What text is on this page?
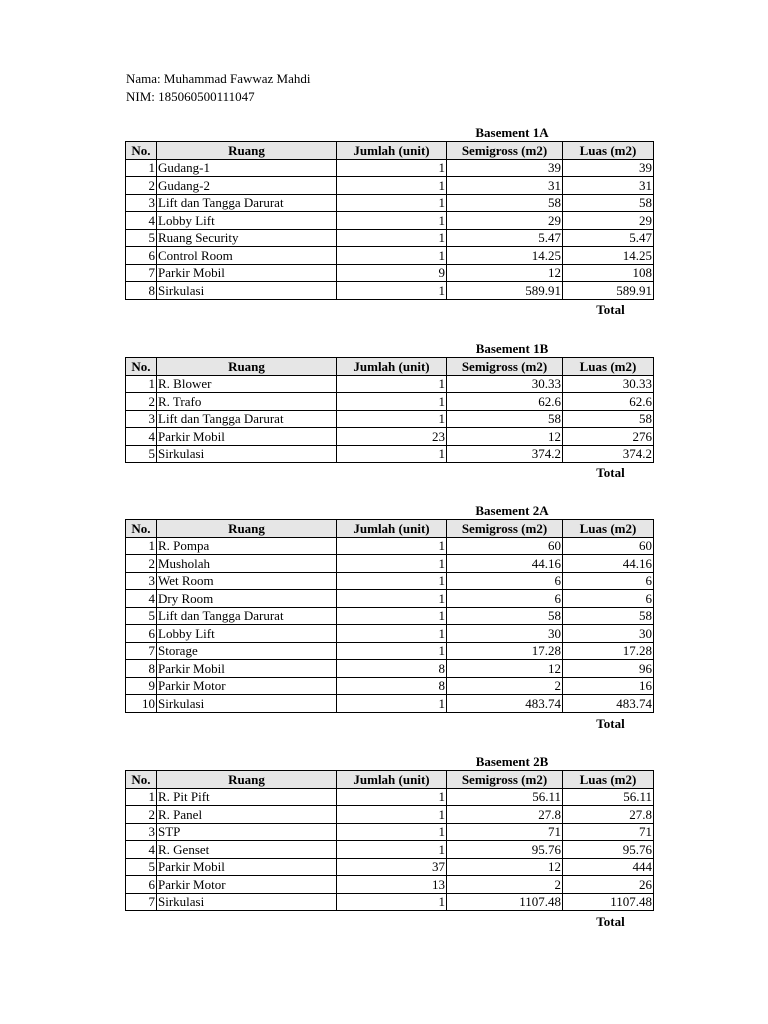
Nama: Muhammad Fawwaz Mahdi
NIM: 185060500111047
Basement 1A
No.	Ruang	Jumlah (unit)	Semigross (m2)	Luas (m2)
1	Gudang-1	1	39	39
2	Gudang-2	1	31	31
3	Lift dan Tangga Darurat	1	58	58
4	Lobby Lift	1	29	29
5	Ruang Security	1	5.47	5.47
6	Control Room	1	14.25	14.25
7	Parkir Mobil	9	12	108
8	Sirkulasi	1	589.91	589.91
Total
Basement 1B
No.	Ruang	Jumlah (unit)	Semigross (m2)	Luas (m2)
1	R. Blower	1	30.33	30.33
2	R. Trafo	1	62.6	62.6
3	Lift dan Tangga Darurat	1	58	58
4	Parkir Mobil	23	12	276
5	Sirkulasi	1	374.2	374.2
Total
Basement 2A
No.	Ruang	Jumlah (unit)	Semigross (m2)	Luas (m2)
1	R. Pompa	1	60	60
2	Musholah	1	44.16	44.16
3	Wet Room	1	6	6
4	Dry Room	1	6	6
5	Lift dan Tangga Darurat	1	58	58
6	Lobby Lift	1	30	30
7	Storage	1	17.28	17.28
8	Parkir Mobil	8	12	96
9	Parkir Motor	8	2	16
10	Sirkulasi	1	483.74	483.74
Total
Basement 2B
No.	Ruang	Jumlah (unit)	Semigross (m2)	Luas (m2)
1	R. Pit Pift	1	56.11	56.11
2	R. Panel	1	27.8	27.8
3	STP	1	71	71
4	R. Genset	1	95.76	95.76
5	Parkir Mobil	37	12	444
6	Parkir Motor	13	2	26
7	Sirkulasi	1	1107.48	1107.48
Total
